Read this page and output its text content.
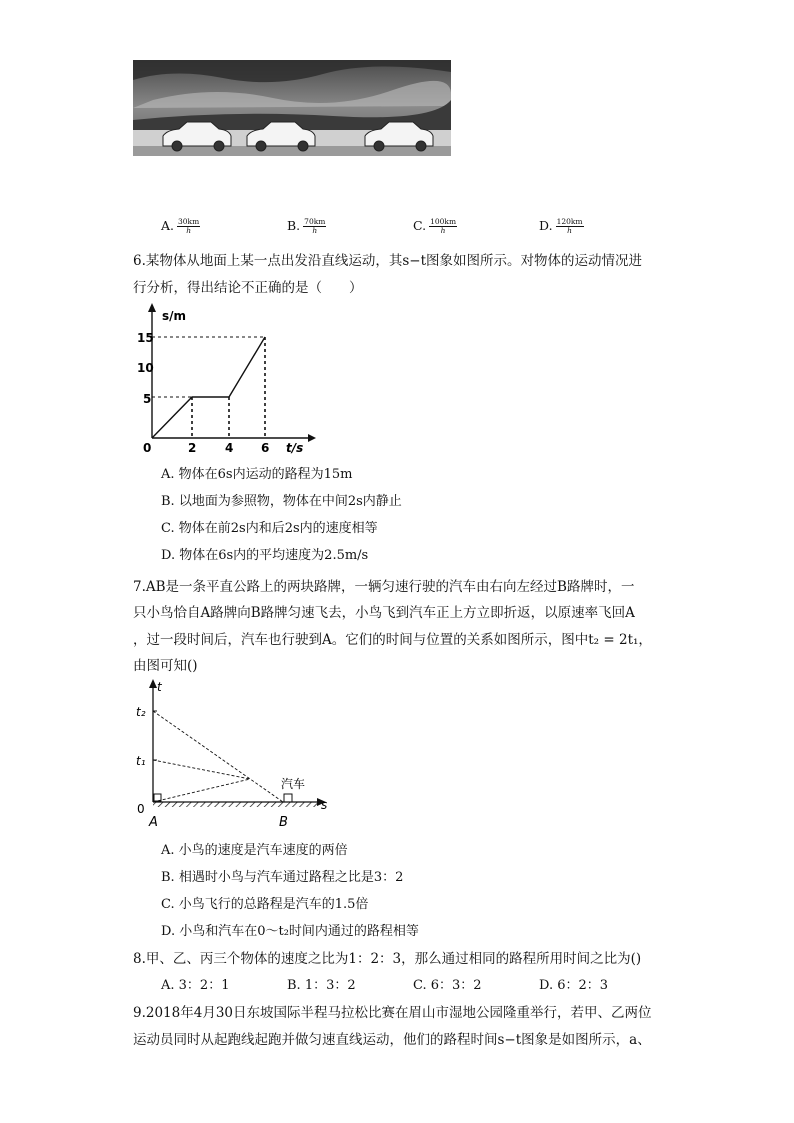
A. $\frac{30km}{h}$	B. $\frac{70km}{h}$	C. $\frac{100km}{h}$	D. $\frac{120km}{h}$
6.某物体从地面上某一点出发沿直线运动，其s−t图象如图所示。对物体的运动情况进
行分析，得出结论不正确的是（　　）
s/m
t/s
15
10
5
0	2 4 6
A. 物体在6s内运动的路程为15m
B. 以地面为参照物，物体在中间2s内静止
C. 物体在前2s内和后2s内的速度相等
D. 物体在6s内的平均速度为2.5m/s
7.AB是一条平直公路上的两块路牌，一辆匀速行驶的汽车由右向左经过B路牌时，一
只小鸟恰自A路牌向B路牌匀速飞去，小鸟飞到汽车正上方立即折返，以原速率飞回A
，过一段时间后，汽车也行驶到A。它们的时间与位置的关系如图所示，图中t₂ = 2t₁，
由图可知()
t
s
t₂
t₁
0
A	B
汽车
A. 小鸟的速度是汽车速度的两倍
B. 相遇时小鸟与汽车通过路程之比是3：2
C. 小鸟飞行的总路程是汽车的1.5倍
D. 小鸟和汽车在0～t₂时间内通过的路程相等
8.甲、乙、丙三个物体的速度之比为1：2：3，那么通过相同的路程所用时间之比为()
A. 3：2：1	B. 1：3：2	C. 6：3：2	D. 6：2：3
9.2018年4月30日东坡国际半程马拉松比赛在眉山市湿地公园隆重举行，若甲、乙两位
运动员同时从起跑线起跑并做匀速直线运动，他们的路程时间s−t图象是如图所示，a、
